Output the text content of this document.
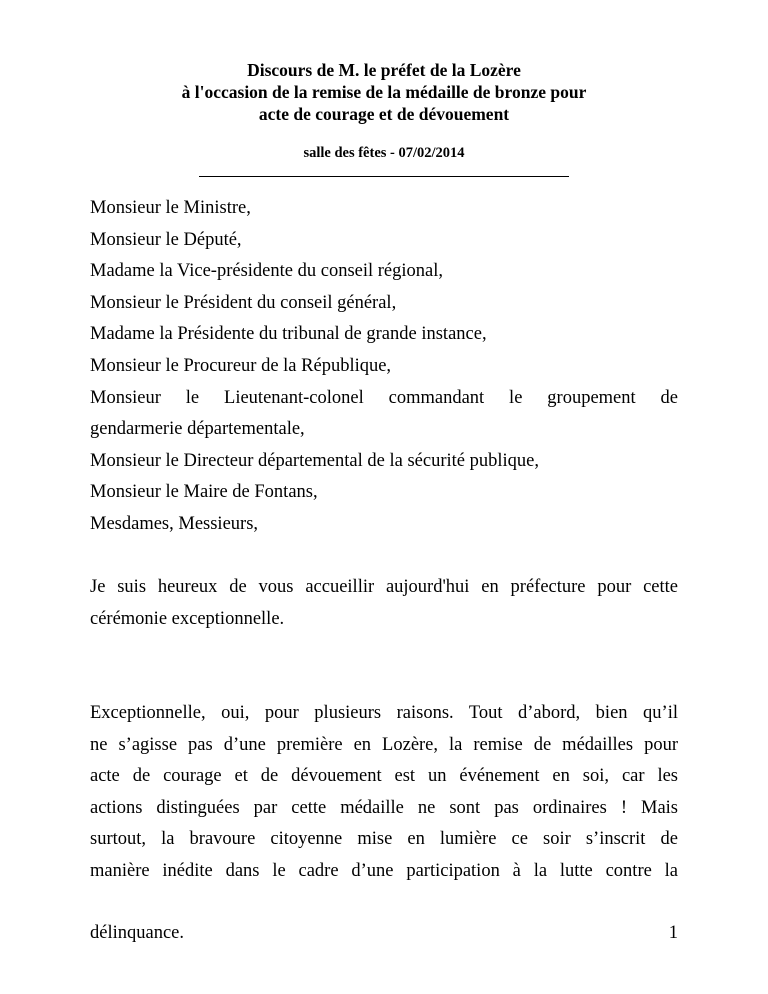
Discours de M. le préfet de la Lozère
à l'occasion de la remise de la médaille de bronze pour
acte de courage et de dévouement
salle des fêtes - 07/02/2014
Monsieur le Ministre,
Monsieur le Député,
Madame la Vice-présidente du conseil régional,
Monsieur le Président du conseil général,
Madame la Présidente du tribunal de grande instance,
Monsieur le Procureur de la République,
Monsieur le Lieutenant-colonel commandant le groupement de
gendarmerie départementale,
Monsieur le Directeur départemental de la sécurité publique,
Monsieur le Maire de Fontans,
Mesdames, Messieurs,
Je suis heureux de vous accueillir aujourd'hui en préfecture pour cette
cérémonie exceptionnelle.
Exceptionnelle, oui, pour plusieurs raisons. Tout d’abord, bien qu’il
ne s’agisse pas d’une première en Lozère, la remise de médailles pour
acte de courage et de dévouement est un événement en soi, car les
actions distinguées par cette médaille ne sont pas ordinaires ! Mais
surtout, la bravoure citoyenne mise en lumière ce soir s’inscrit de
manière inédite dans le cadre d’une participation à la lutte contre la
délinquance.	1
